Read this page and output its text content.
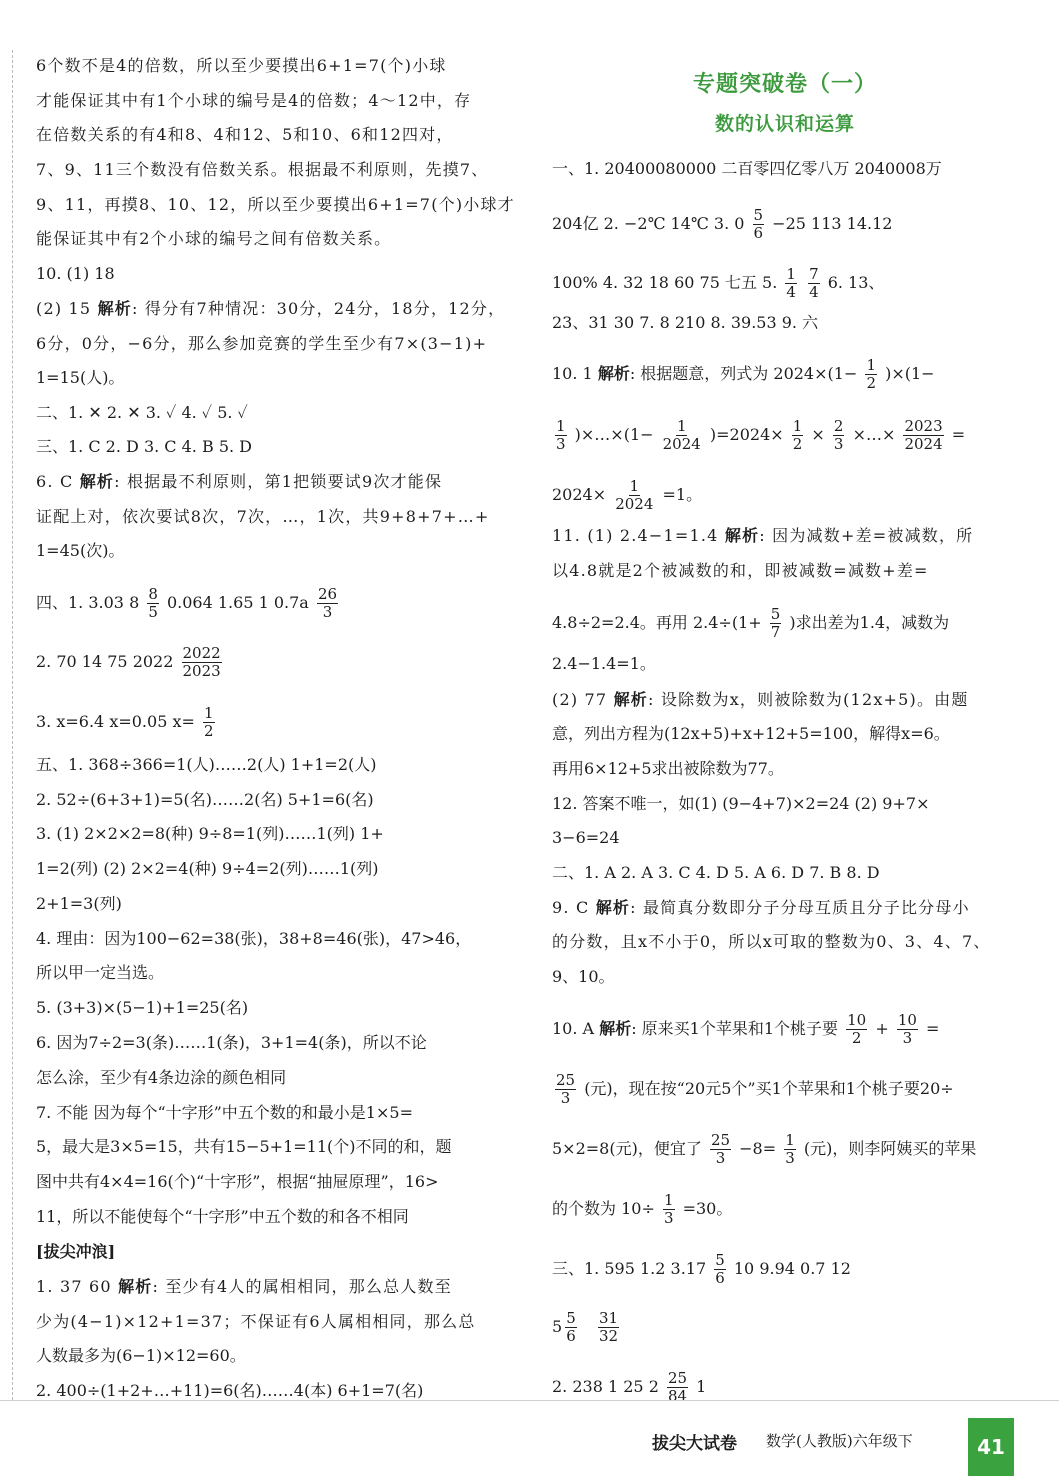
6个数不是4的倍数，所以至少要摸出6+1=7(个)小球
才能保证其中有1个小球的编号是4的倍数；4～12中，存
在倍数关系的有4和8、4和12、5和10、6和12四对，
7、9、11三个数没有倍数关系。根据最不利原则，先摸7、
9、11，再摸8、10、12，所以至少要摸出6+1=7(个)小球才
能保证其中有2个小球的编号之间有倍数关系。
10. (1) 18
(2) 15 解析: 得分有7种情况：30分，24分，18分，12分，
6分，0分，−6分，那么参加竞赛的学生至少有7×(3−1)+
1=15(人)。
二、1. ✕ 2. ✕ 3. ✓ 4. ✓ 5. ✓
三、1. C 2. D 3. C 4. B 5. D
6. C 解析: 根据最不利原则，第1把锁要试9次才能保
证配上对，依次要试8次，7次，…，1次，共9+8+7+…+
1=45(次)。
四、1. 3.03 $8 \frac{8}{5} 0.064$ 1.65 1 $0.7a \frac{26}{3}$
2. 70 14 75 $2022 \frac{2022}{2023}$
3. x=6.4 x=0.05 $x= \frac{1}{2}$
五、1. 368÷366=1(人)……2(人) 1+1=2(人)
2. 52÷(6+3+1)=5(名)……2(名) 5+1=6(名)
3. (1) 2×2×2=8(种) 9÷8=1(列)……1(列) 1+
1=2(列) (2) 2×2=4(种) 9÷4=2(列)……1(列)
2+1=3(列)
4. 理由：因为100−62=38(张)，38+8=46(张)，47>46，
所以甲一定当选。
5. (3+3)×(5−1)+1=25(名)
6. 因为7÷2=3(条)……1(条)，3+1=4(条)，所以不论
怎么涂，至少有4条边涂的颜色相同
7. 不能 因为每个“十字形”中五个数的和最小是1×5=
5，最大是3×5=15，共有15−5+1=11(个)不同的和，题
图中共有4×4=16(个)“十字形”，根据“抽屉原理”，16>
11，所以不能使每个“十字形”中五个数的和各不相同
[拔尖冲浪]
1. 37 60 解析: 至少有4人的属相相同，那么总人数至
少为(4−1)×12+1=37；不保证有6人属相相同，那么总
人数最多为(6−1)×12=60。
2. 400÷(1+2+…+11)=6(名)……4(本) 6+1=7(名)
专题突破卷（一）
数的认识和运算
一、1. 20400080000 二百零四亿零八万 2040008万
204亿 2. −2℃ 14℃ 3. $0 \frac{5}{6} -25$ 113 14.12
100% 4. 32 18 60 75 七五 5. $\frac{1}{4}$
$\frac{7}{4} 6$. 13、
23、31 30 7. 8 210 8. 39.53 9. 六
10. 1 解析: 根据题意，列式为 $2024\times(1- \frac{1}{2} )\times(1-$
$\frac{1}{3}$ )×…×(1− $\frac{1}{2024} )=2024\times \frac{1}{2} \times \frac{2}{3}$ ×…× $\frac{2023}{2024}$ =
$2024\times \frac{1}{2024} =1$。
11. (1) 2.4−1=1.4 解析: 因为减数+差=被减数，所
以4.8就是2个被减数的和，即被减数=减数+差=
4.8÷2=2.4。再用 $2.4\div(1+ \frac{5}{7}$ )求出差为1.4，减数为
2.4−1.4=1。
(2) 77 解析: 设除数为x，则被除数为(12x+5)。由题
意，列出方程为(12x+5)+x+12+5=100，解得x=6。
再用6×12+5求出被除数为77。
12. 答案不唯一，如(1) (9−4+7)×2=24 (2) 9+7×
3−6=24
二、1. A 2. A 3. C 4. D 5. A 6. D 7. B 8. D
9. C 解析: 最简真分数即分子分母互质且分子比分母小
的分数，且x不小于0，所以x可取的整数为0、3、4、7、
9、10。
10. A 解析: 原来买1个苹果和1个桃子要 $\frac{10}{2} + \frac{10}{3}$ =
$\frac{25}{3}$ (元)，现在按“20元5个”买1个苹果和1个桃子要20÷
5×2=8(元)，便宜了 $\frac{25}{3} -8= \frac{1}{3}$ (元)，则李阿姨买的苹果
的个数为 $10\div \frac{1}{3} =30$。
三、1. 595 1.2 $3.17 \frac{5}{6} 10$ 9.94 0.7 12
$5 \frac{5}{6}$
$\frac{31}{32}$
2. 238 1 25 $2 \frac{25}{84} 1$
拔尖大试卷 数学(人教版)六年级下	41
